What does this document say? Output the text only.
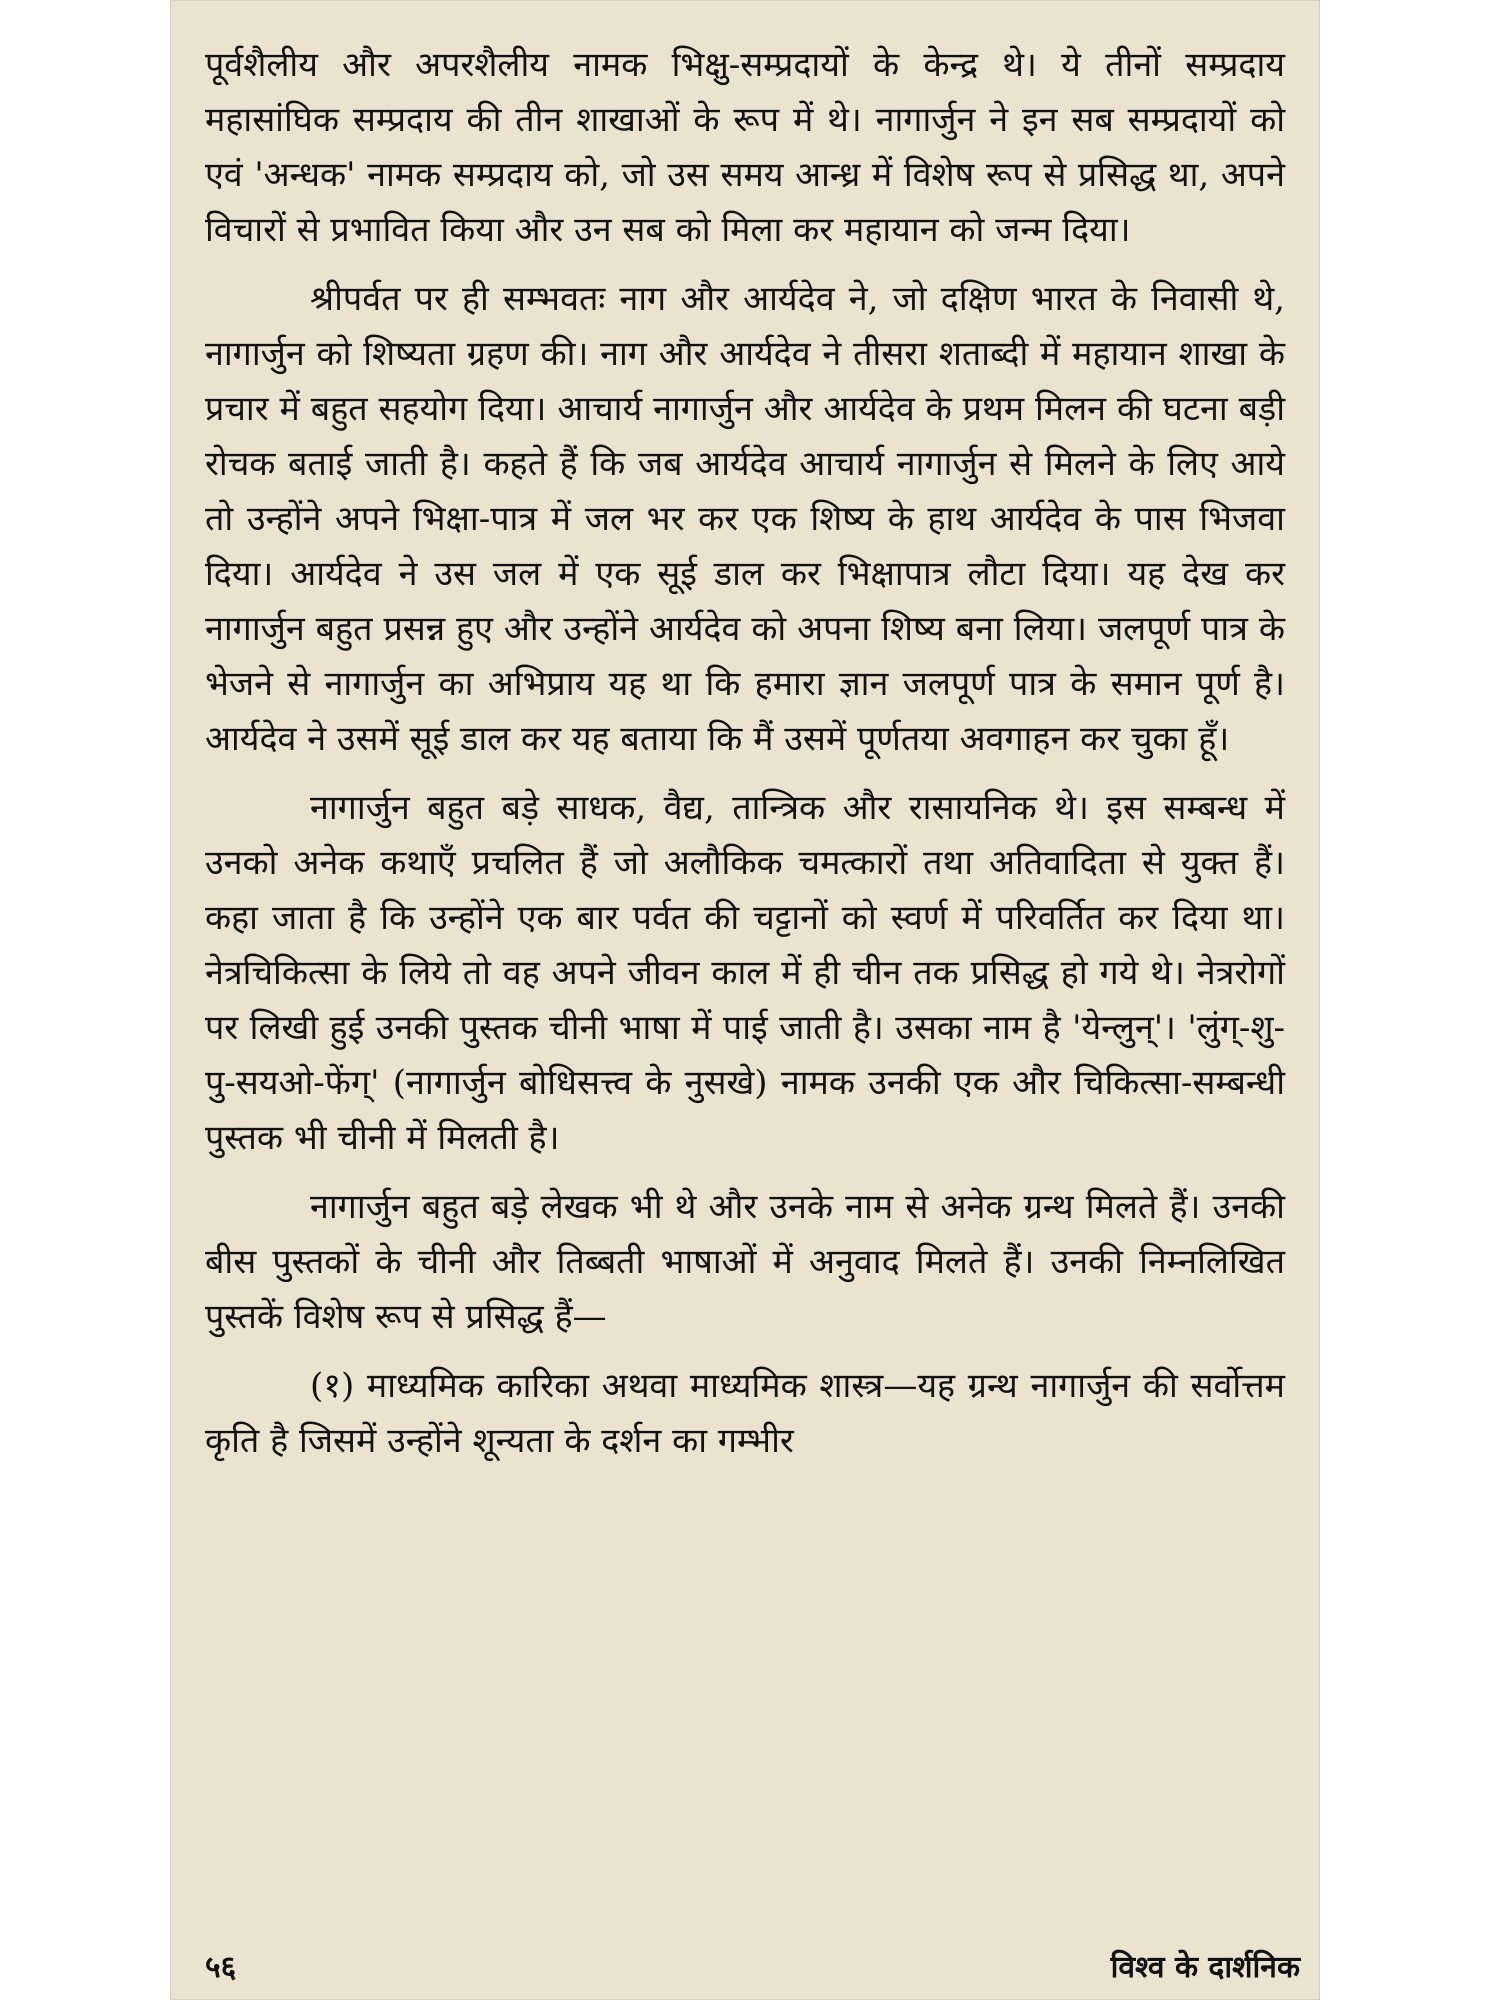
पूर्वशैलीय और अपरशैलीय नामक भिक्षु-सम्प्रदायों के केन्द्र थे। ये तीनों सम्प्रदाय महासांघिक सम्प्रदाय की तीन शाखाओं के रूप में थे। नागार्जुन ने इन सब सम्प्रदायों को एवं 'अन्धक' नामक सम्प्रदाय को, जो उस समय आन्ध्र में विशेष रूप से प्रसिद्ध था, अपने विचारों से प्रभावित किया और उन सब को मिला कर महायान को जन्म दिया।

श्रीपर्वत पर ही सम्भवतः नाग और आर्यदेव ने, जो दक्षिण भारत के निवासी थे, नागार्जुन को शिष्यता ग्रहण की। नाग और आर्यदेव ने तीसरा शताब्दी में महायान शाखा के प्रचार में बहुत सहयोग दिया। आचार्य नागार्जुन और आर्यदेव के प्रथम मिलन की घटना बड़ी रोचक बताई जाती है। कहते हैं कि जब आर्यदेव आचार्य नागार्जुन से मिलने के लिए आये तो उन्होंने अपने भिक्षा-पात्र में जल भर कर एक शिष्य के हाथ आर्यदेव के पास भिजवा दिया। आर्यदेव ने उस जल में एक सूई डाल कर भिक्षापात्र लौटा दिया। यह देख कर नागार्जुन बहुत प्रसन्न हुए और उन्होंने आर्यदेव को अपना शिष्य बना लिया। जलपूर्ण पात्र के भेजने से नागार्जुन का अभिप्राय यह था कि हमारा ज्ञान जलपूर्ण पात्र के समान पूर्ण है। आर्यदेव ने उसमें सूई डाल कर यह बताया कि मैं उसमें पूर्णतया अवगाहन कर चुका हूँ।

नागार्जुन बहुत बड़े साधक, वैद्य, तान्त्रिक और रासायनिक थे। इस सम्बन्ध में उनको अनेक कथाएँ प्रचलित हैं जो अलौकिक चमत्कारों तथा अतिवादिता से युक्त हैं। कहा जाता है कि उन्होंने एक बार पर्वत की चट्टानों को स्वर्ण में परिवर्तित कर दिया था। नेत्रचिकित्सा के लिये तो वह अपने जीवन काल में ही चीन तक प्रसिद्ध हो गये थे। नेत्ररोगों पर लिखी हुई उनकी पुस्तक चीनी भाषा में पाई जाती है। उसका नाम है 'येन्लुन्'। 'लुंग्-शु-पु-सयओ-फेंग्' (नागार्जुन बोधिसत्त्व के नुसखे) नामक उनकी एक और चिकित्सा-सम्बन्धी पुस्तक भी चीनी में मिलती है।

नागार्जुन बहुत बड़े लेखक भी थे और उनके नाम से अनेक ग्रन्थ मिलते हैं। उनकी बीस पुस्तकों के चीनी और तिब्बती भाषाओं में अनुवाद मिलते हैं। उनकी निम्नलिखित पुस्तकें विशेष रूप से प्रसिद्ध हैं—

(१) माध्यमिक कारिका अथवा माध्यमिक शास्त्र—यह ग्रन्थ नागार्जुन की सर्वोत्तम कृति है जिसमें उन्होंने शून्यता के दर्शन का गम्भीर

५६	विश्व के दार्शनिक
